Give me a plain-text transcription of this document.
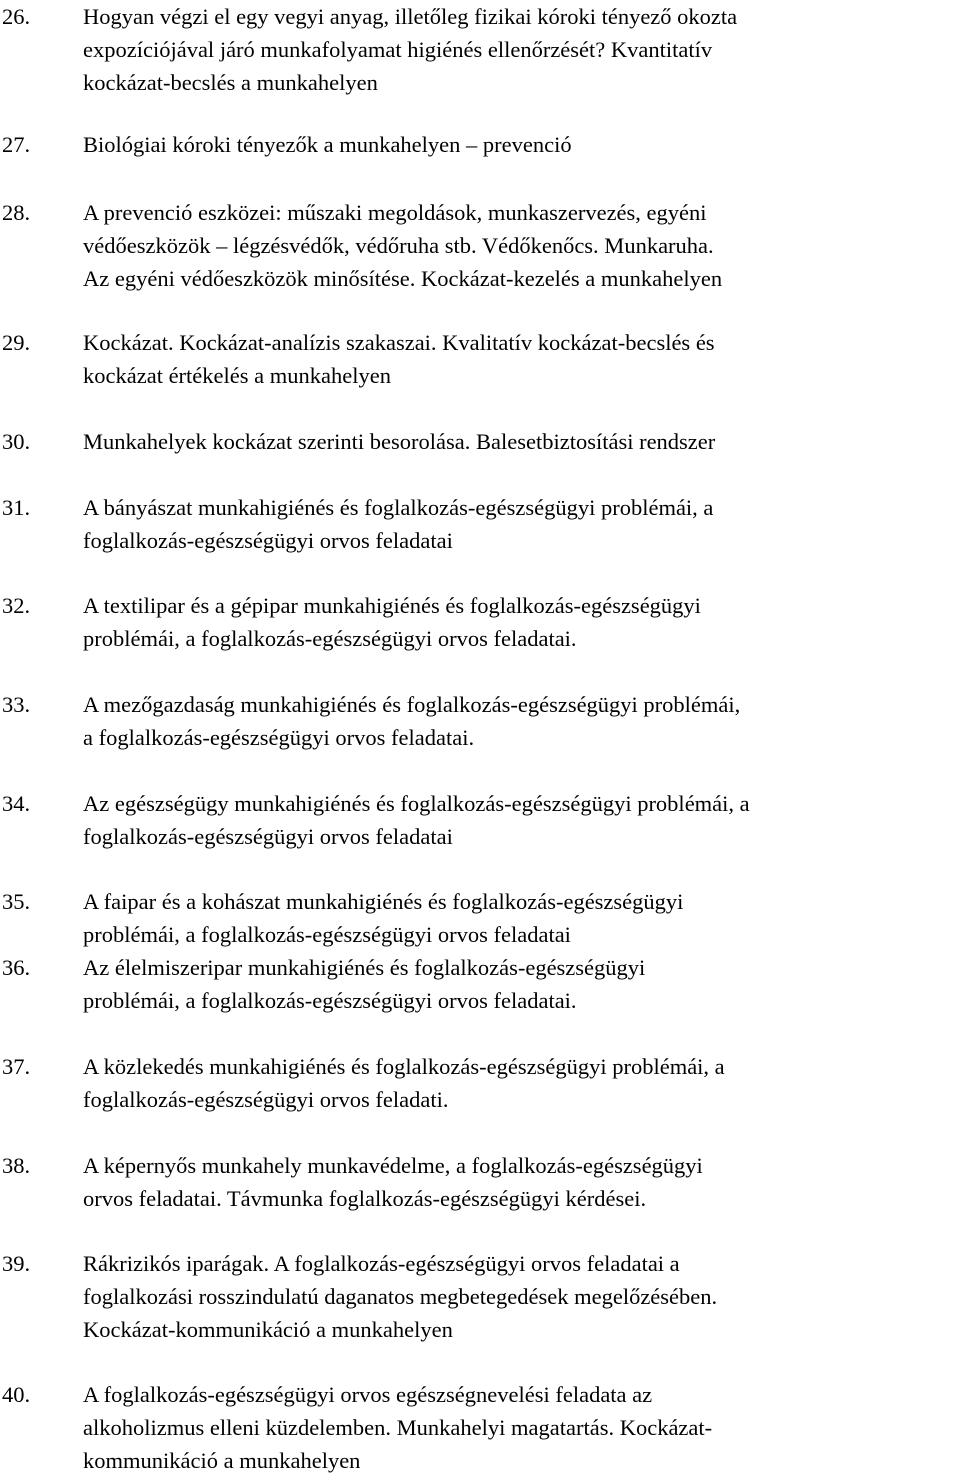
26.	Hogyan végzi el egy vegyi anyag, illetőleg fizikai kóroki tényező okozta
expozíciójával járó munkafolyamat higiénés ellenőrzését? Kvantitatív
kockázat-becslés a munkahelyen
27.	Biológiai kóroki tényezők a munkahelyen – prevenció
28.	A prevenció eszközei: műszaki megoldások, munkaszervezés, egyéni
védőeszközök – légzésvédők, védőruha stb. Védőkenőcs. Munkaruha.
Az egyéni védőeszközök minősítése. Kockázat-kezelés a munkahelyen
29.	Kockázat. Kockázat-analízis szakaszai. Kvalitatív kockázat-becslés és
kockázat értékelés a munkahelyen
30.	Munkahelyek kockázat szerinti besorolása. Balesetbiztosítási rendszer
31.	A bányászat munkahigiénés és foglalkozás-egészségügyi problémái, a
foglalkozás-egészségügyi orvos feladatai
32.	A textilipar és a gépipar munkahigiénés és foglalkozás-egészségügyi
problémái, a foglalkozás-egészségügyi orvos feladatai.
33.	A mezőgazdaság munkahigiénés és foglalkozás-egészségügyi problémái,
a foglalkozás-egészségügyi orvos feladatai.
34.	Az egészségügy munkahigiénés és foglalkozás-egészségügyi problémái, a
foglalkozás-egészségügyi orvos feladatai
35.	A faipar és a kohászat munkahigiénés és foglalkozás-egészségügyi
problémái, a foglalkozás-egészségügyi orvos feladatai
36.	Az élelmiszeripar munkahigiénés és foglalkozás-egészségügyi
problémái, a foglalkozás-egészségügyi orvos feladatai.
37.	A közlekedés munkahigiénés és foglalkozás-egészségügyi problémái, a
foglalkozás-egészségügyi orvos feladati.
38.	A képernyős munkahely munkavédelme, a foglalkozás-egészségügyi
orvos feladatai. Távmunka foglalkozás-egészségügyi kérdései.
39.	Rákrizikós iparágak. A foglalkozás-egészségügyi orvos feladatai a
foglalkozási rosszindulatú daganatos megbetegedések megelőzésében.
Kockázat-kommunikáció a munkahelyen
40.	A foglalkozás-egészségügyi orvos egészségnevelési feladata az
alkoholizmus elleni küzdelemben. Munkahelyi magatartás. Kockázat-
kommunikáció a munkahelyen
